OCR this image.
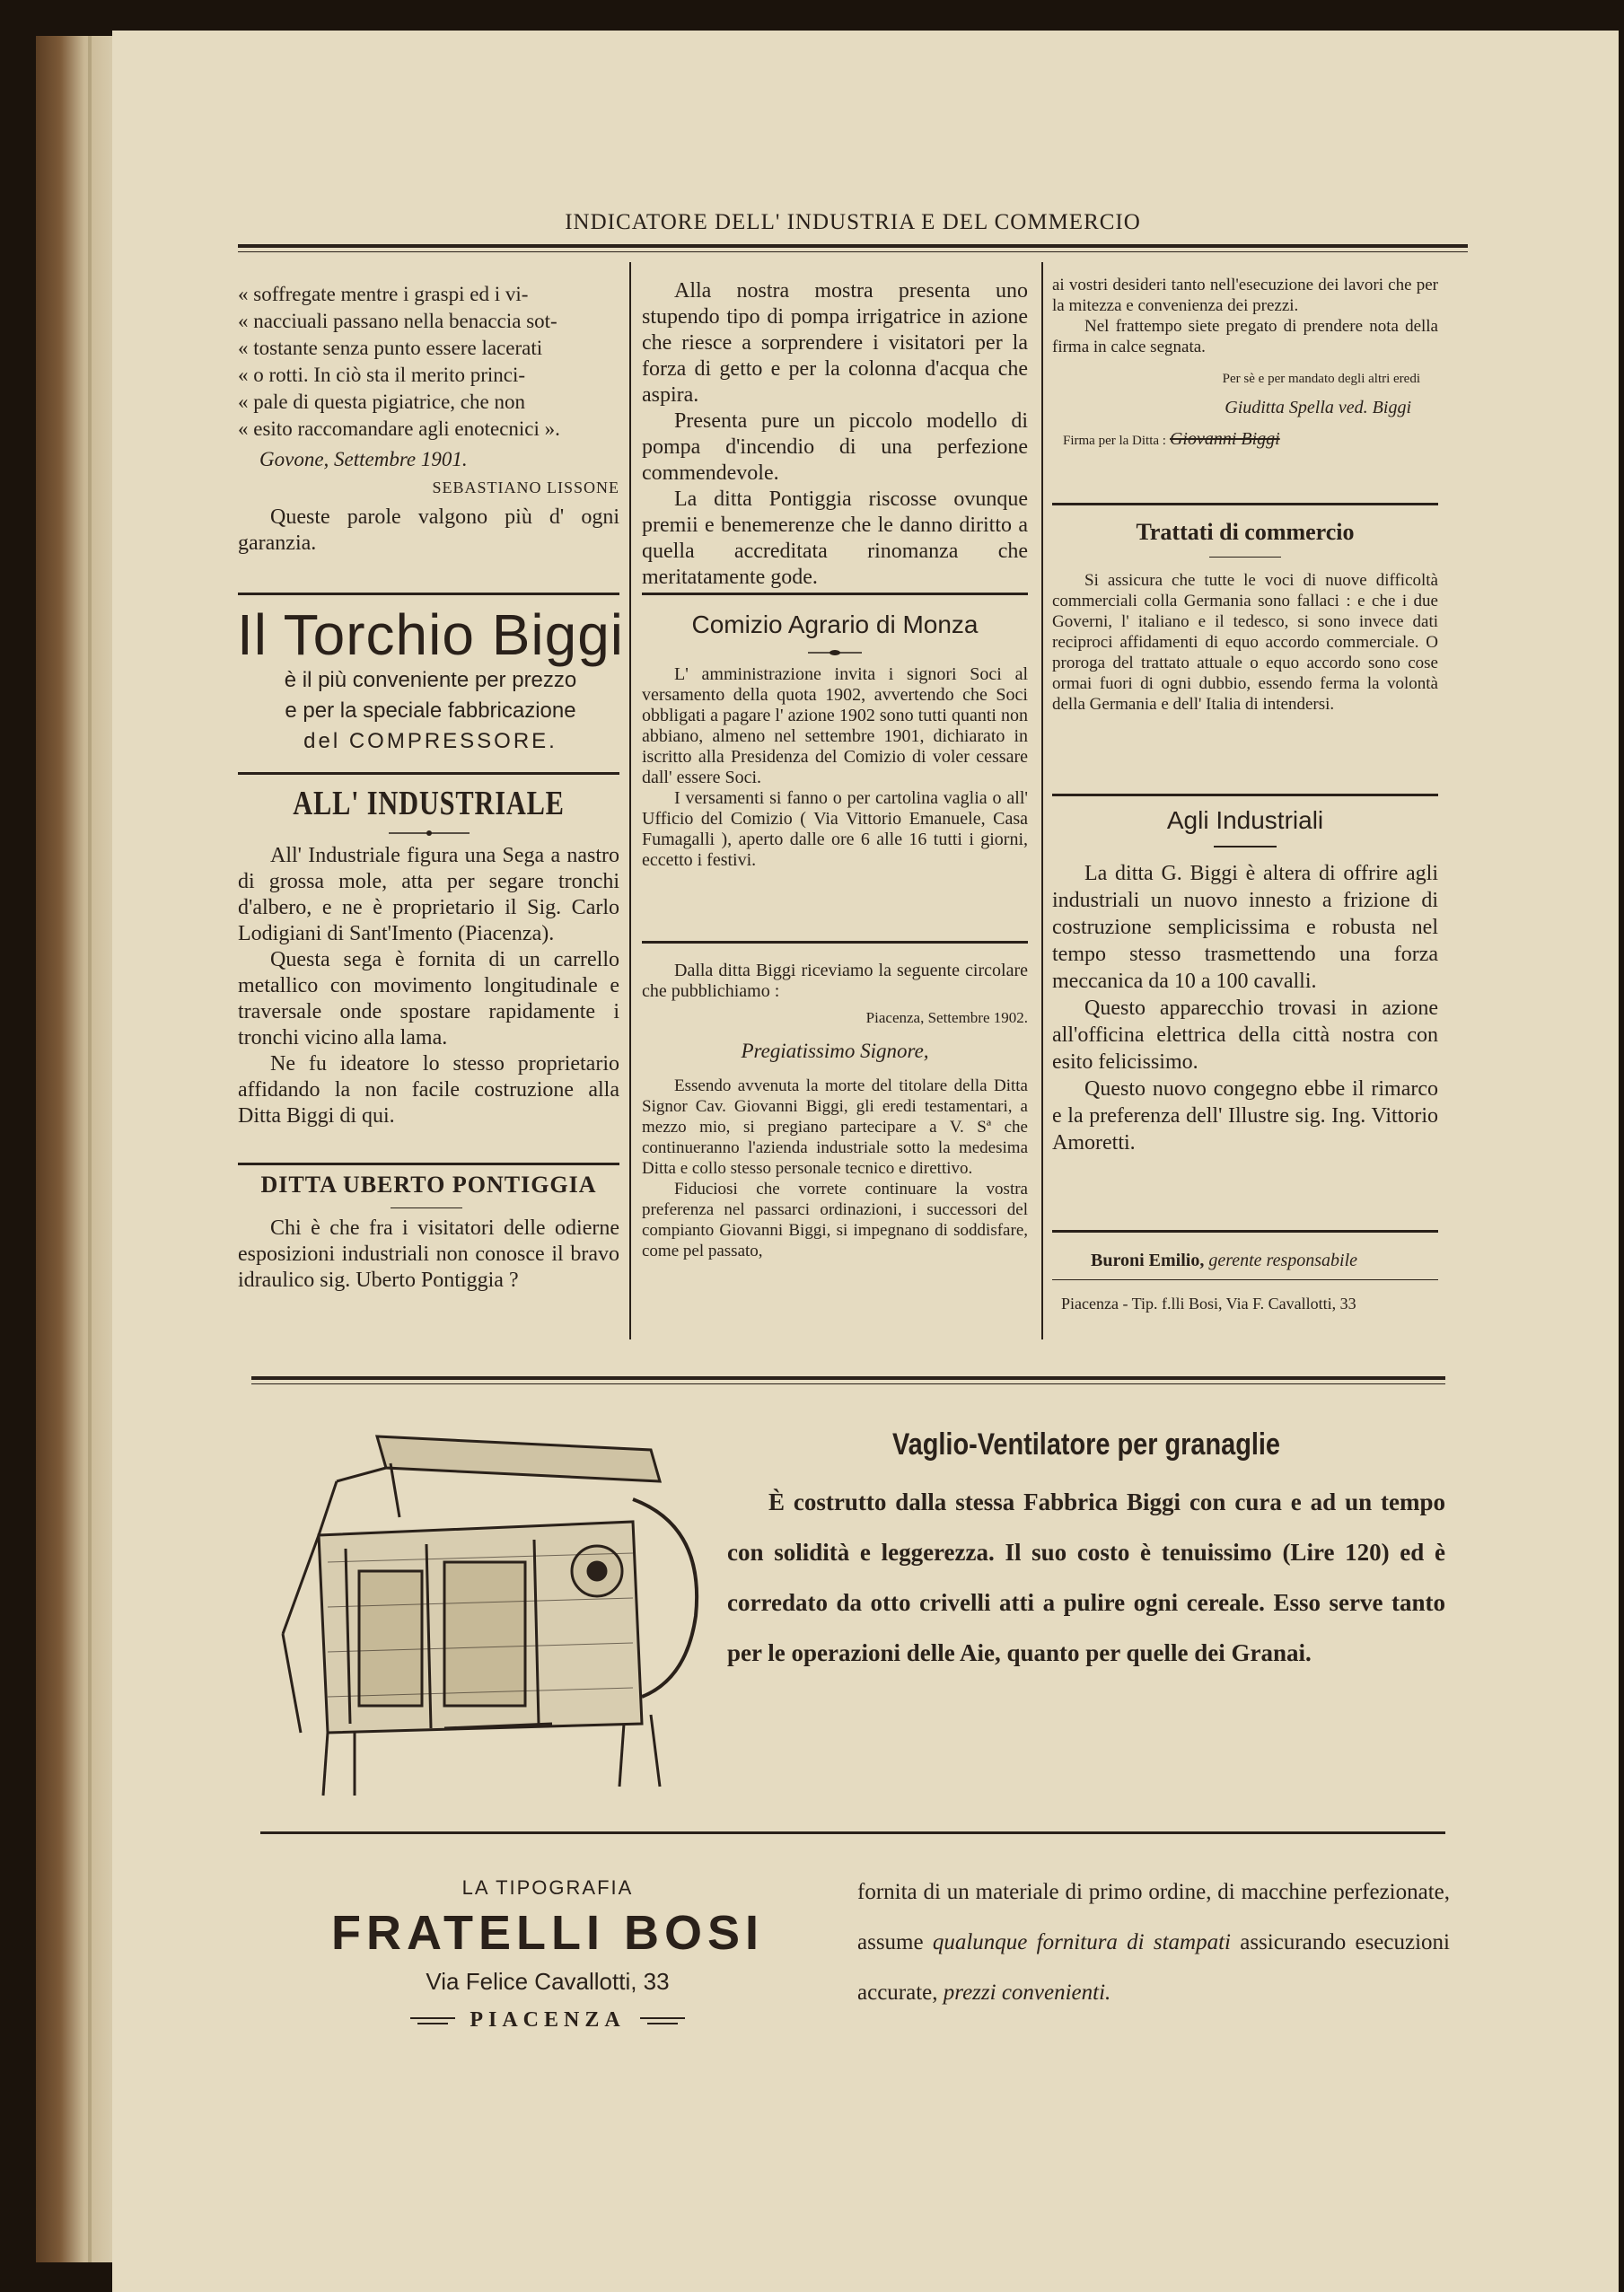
INDICATORE DELL' INDUSTRIA E DEL COMMERCIO
« soffregate mentre i graspi ed i vi-
« nacciuali passano nella benaccia sot-
« tostante senza punto essere lacerati
« o rotti. In ciò sta il merito princi-
« pale di questa pigiatrice, che non
« esito raccomandare agli enotecnici ».
Govone, Settembre 1901.
SEBASTIANO LISSONE

Queste parole valgono più d' ogni garanzia.

Il Torchio Biggi
è il più conveniente per prezzo
e per la speciale fabbricazione
del COMPRESSORE.
ALL' INDUSTRIALE

All' Industriale figura una Sega a nastro di grossa mole, atta per segare tronchi d'albero, e ne è proprietario il Sig. Carlo Lodigiani di Sant'Imento (Piacenza).

Questa sega è fornita di un carrello metallico con movimento longitudinale e traversale onde spostare rapidamente i tronchi vicino alla lama.

Ne fu ideatore lo stesso proprietario affidando la non facile costruzione alla Ditta Biggi di qui.

DITTA UBERTO PONTIGGIA

Chi è che fra i visitatori delle odierne esposizioni industriali non conosce il bravo idraulico sig. Uberto Pontiggia ?

Alla nostra mostra presenta uno stupendo tipo di pompa irrigatrice in azione che riesce a sorprendere i visitatori per la forza di getto e per la colonna d'acqua che aspira.

Presenta pure un piccolo modello di pompa d'incendio di una perfezione commendevole.

La ditta Pontiggia riscosse ovunque premii e benemerenze che le danno diritto a quella accreditata rinomanza che meritatamente gode.

Comizio Agrario di Monza

L' amministrazione invita i signori Soci al versamento della quota 1902, avvertendo che Soci obbligati a pagare l' azione 1902 sono tutti quanti non abbiano, almeno nel settembre 1901, dichiarato in iscritto alla Presidenza del Comizio di voler cessare dall' essere Soci.

I versamenti si fanno o per cartolina vaglia o all' Ufficio del Comizio ( Via Vittorio Emanuele, Casa Fumagalli ), aperto dalle ore 6 alle 16 tutti i giorni, eccetto i festivi.

Dalla ditta Biggi riceviamo la seguente circolare che pubblichiamo :

Piacenza, Settembre 1902.
Pregiatissimo Signore,

Essendo avvenuta la morte del titolare della Ditta Signor Cav. Giovanni Biggi, gli eredi testamentari, a mezzo mio, si pregiano partecipare a V. Sª che continueranno l'azienda industriale sotto la medesima Ditta e collo stesso personale tecnico e direttivo.

Fiduciosi che vorrete continuare la vostra preferenza nel passarci ordinazioni, i successori del compianto Giovanni Biggi, si impegnano di soddisfare, come pel passato,

ai vostri desideri tanto nell'esecuzione dei lavori che per la mitezza e convenienza dei prezzi.

Nel frattempo siete pregato di prendere nota della firma in calce segnata.

Per sè e per mandato degli altri eredi
Giuditta Spella ved. Biggi
Firma per la Ditta : Giovanni Biggi
Trattati di commercio

Si assicura che tutte le voci di nuove difficoltà commerciali colla Germania sono fallaci : e che i due Governi, l' italiano e il tedesco, si sono invece dati reciproci affidamenti di equo accordo commerciale. O proroga del trattato attuale o equo accordo sono cose ormai fuori di ogni dubbio, essendo ferma la volontà della Germania e dell' Italia di intendersi.

Agli Industriali

La ditta G. Biggi è altera di offrire agli industriali un nuovo innesto a frizione di costruzione semplicissima e robusta nel tempo stesso trasmettendo una forza meccanica da 10 a 100 cavalli.

Questo apparecchio trovasi in azione all'officina elettrica della città nostra con esito felicissimo.

Questo nuovo congegno ebbe il rimarco e la preferenza dell' Illustre sig. Ing. Vittorio Amoretti.

Buroni Emilio, gerente responsabile
Piacenza - Tip. f.lli Bosi, Via F. Cavallotti, 33
Vaglio-Ventilatore per granaglie

È costrutto dalla stessa Fabbrica Biggi con cura e ad un tempo con solidità e leggerezza. Il suo costo è tenuissimo (Lire 120) ed è corredato da otto crivelli atti a pulire ogni cereale. Esso serve tanto per le operazioni delle Aie, quanto per quelle dei Granai.

LA TIPOGRAFIA
FRATELLI BOSI
Via Felice Cavallotti, 33
PIACENZA
fornita di un materiale di primo ordine, di macchine perfezionate, assume qualunque fornitura di stampati assicurando esecuzioni accurate, prezzi convenienti.
